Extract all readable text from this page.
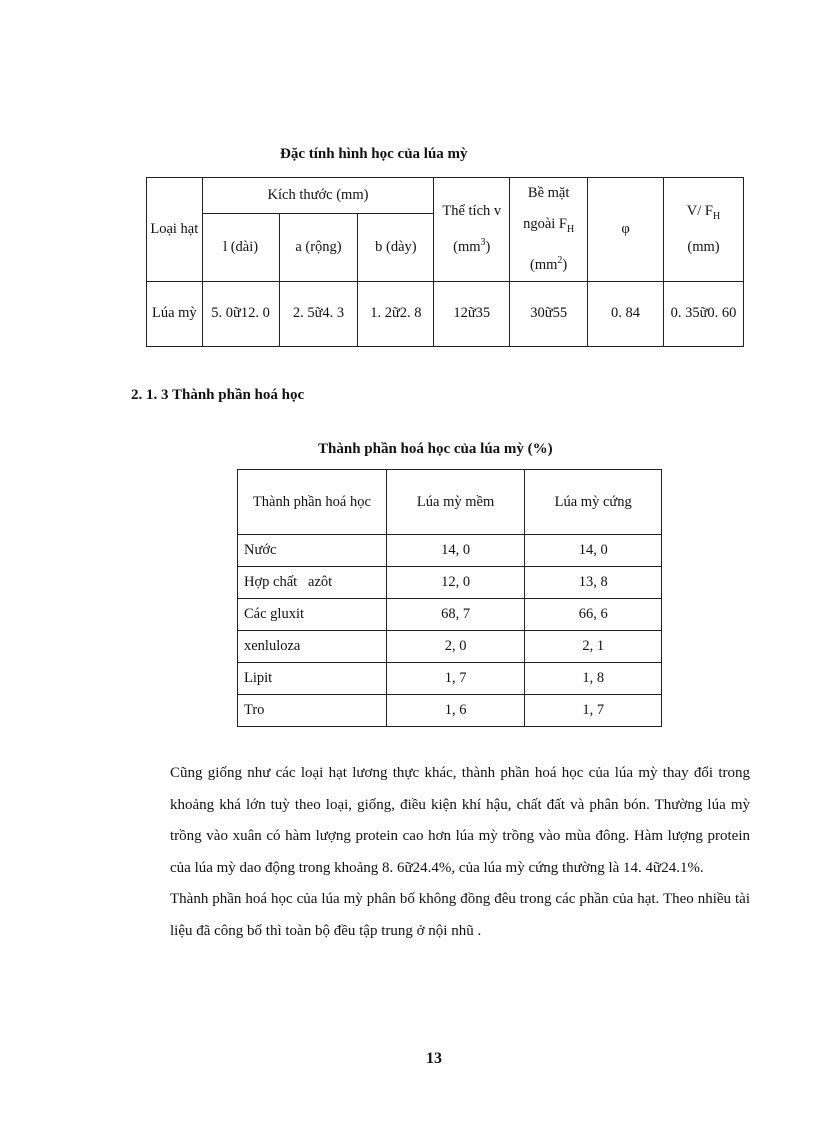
Đặc tính hình học của lúa mỳ
Loại hạt	Kích thước (mm)			Thể tích v $(mm^3)$	Bề mặt ngoài $F_H$ $(mm^2)$	φ	V/ $F_H$
(mm)
	l (dài)	a (rộng)	b (dày)				
Lúa mỳ	5. 0ữ12. 0	2. 5ữ4. 3	1. 2ữ2. 8	12ữ35	30ữ55	0. 84	0. 35ữ0. 60
2. 1. 3 Thành phần hoá học
Thành phần hoá học của lúa mỳ (%)
Thành phần hoá học	Lúa mỳ mềm	Lúa mỳ cứng
Nước	14, 0	14, 0
Hợp chất   azôt	12, 0	13, 8
Các gluxit	68, 7	66, 6
xenluloza	2, 0	2, 1
Lipit	1, 7	1, 8
Tro	1, 6	1, 7

Cũng giống như các loại hạt lương thực khác, thành phần hoá học của lúa mỳ thay đổi trong khoảng khá lớn tuỳ theo loại, giống, điều kiện khí hậu, chất đất và phân bón. Thường lúa mỳ trồng vào xuân có hàm lượng protein cao hơn lúa mỳ trồng vào mùa đông. Hàm lượng protein của lúa mỳ dao động trong khoảng 8. 6ữ24.4%, của lúa mỳ cứng thường là 14. 4ữ24.1%.

Thành phần hoá học của lúa mỳ phân bố không đồng đêu trong các phần của hạt. Theo nhiều tài liệu đã công bố thì toàn bộ đều tập trung ở nội nhũ .

13
